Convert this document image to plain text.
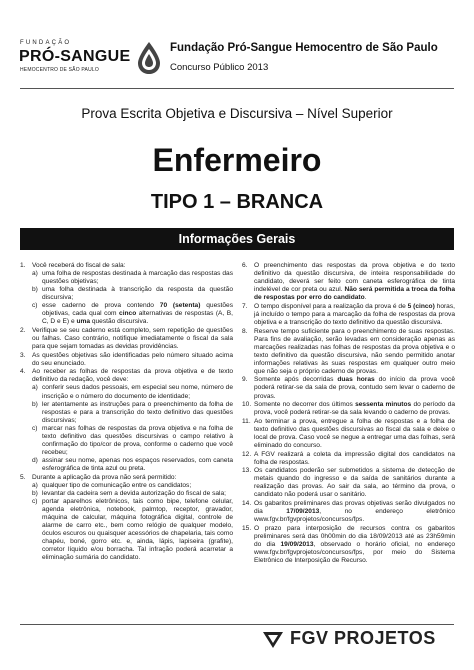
FUNDAÇÃO
PRÓ-SANGUE
HEMOCENTRO DE SÃO PAULO
Fundação Pró-Sangue Hemocentro de São Paulo
Concurso Público 2013
Prova Escrita Objetiva e Discursiva – Nível Superior
Enfermeiro
TIPO 1 – BRANCA
Informações Gerais
1. Você receberá do fiscal de sala:
a) uma folha de respostas destinada à marcação das respostas das questões objetivas;
b) uma folha destinada à transcrição da resposta da questão discursiva;
c) esse caderno de prova contendo 70 (setenta) questões objetivas, cada qual com cinco alternativas de respostas (A, B, C, D e E) e uma questão discursiva.
2. Verifique se seu caderno está completo, sem repetição de questões ou falhas. Caso contrário, notifique imediatamente o fiscal da sala para que sejam tomadas as devidas providências.
3. As questões objetivas são identificadas pelo número situado acima do seu enunciado.
4. Ao receber as folhas de respostas da prova objetiva e de texto definitivo da redação, você deve:
a) conferir seus dados pessoais, em especial seu nome, número de inscrição e o número do documento de identidade;
b) ler atentamente as instruções para o preenchimento da folha de respostas e para a transcrição do texto definitivo das questões discursivas;
c) marcar nas folhas de respostas da prova objetiva e na folha de texto definitivo das questões discursivas o campo relativo à confirmação do tipo/cor de prova, conforme o caderno que você recebeu;
d) assinar seu nome, apenas nos espaços reservados, com caneta esferográfica de tinta azul ou preta.
5. Durante a aplicação da prova não será permitido:
a) qualquer tipo de comunicação entre os candidatos;
b) levantar da cadeira sem a devida autorização do fiscal de sala;
c) portar aparelhos eletrônicos, tais como bipe, telefone celular, agenda eletrônica, notebook, palmtop, receptor, gravador, máquina de calcular, máquina fotográfica digital, controle de alarme de carro etc., bem como relógio de qualquer modelo, óculos escuros ou quaisquer acessórios de chapelaria, tais como chapéu, boné, gorro etc. e, ainda, lápis, lapiseira (grafite), corretor líquido e/ou borracha. Tal infração poderá acarretar a eliminação sumária do candidato.
6. O preenchimento das respostas da prova objetiva e do texto definitivo da questão discursiva, de inteira responsabilidade do candidato, deverá ser feito com caneta esferográfica de tinta indelével de cor preta ou azul. Não será permitida a troca da folha de respostas por erro do candidato.
7. O tempo disponível para a realização da prova é de 5 (cinco) horas, já incluído o tempo para a marcação da folha de respostas da prova objetiva e a transcrição do texto definitivo da questão discursiva.
8. Reserve tempo suficiente para o preenchimento de suas respostas. Para fins de avaliação, serão levadas em consideração apenas as marcações realizadas nas folhas de respostas da prova objetiva e o texto definitivo da questão discursiva, não sendo permitido anotar informações relativas às suas respostas em qualquer outro meio que não seja o próprio caderno de provas.
9. Somente após decorridas duas horas do início da prova você poderá retirar-se da sala de prova, contudo sem levar o caderno de provas.
10. Somente no decorrer dos últimos sessenta minutos do período da prova, você poderá retirar-se da sala levando o caderno de provas.
11. Ao terminar a prova, entregue a folha de respostas e a folha de texto definitivo das questões discursivas ao fiscal da sala e deixe o local de prova. Caso você se negue a entregar uma das folhas, será eliminado do concurso.
12. A FGV realizará a coleta da impressão digital dos candidatos na folha de respostas.
13. Os candidatos poderão ser submetidos a sistema de detecção de metais quando do ingresso e da saída de sanitários durante a realização das provas. Ao sair da sala, ao término da prova, o candidato não poderá usar o sanitário.
14. Os gabaritos preliminares das provas objetivas serão divulgados no dia 17/09/2013, no endereço eletrônico www.fgv.br/fgvprojetos/concursos/fps.
15. O prazo para interposição de recursos contra os gabaritos preliminares será das 0h00min do dia 18/09/2013 até as 23h59min do dia 19/09/2013, observado o horário oficial, no endereço www.fgv.br/fgvprojetos/concursos/fps, por meio do Sistema Eletrônico de Interposição de Recurso.
FGV PROJETOS
